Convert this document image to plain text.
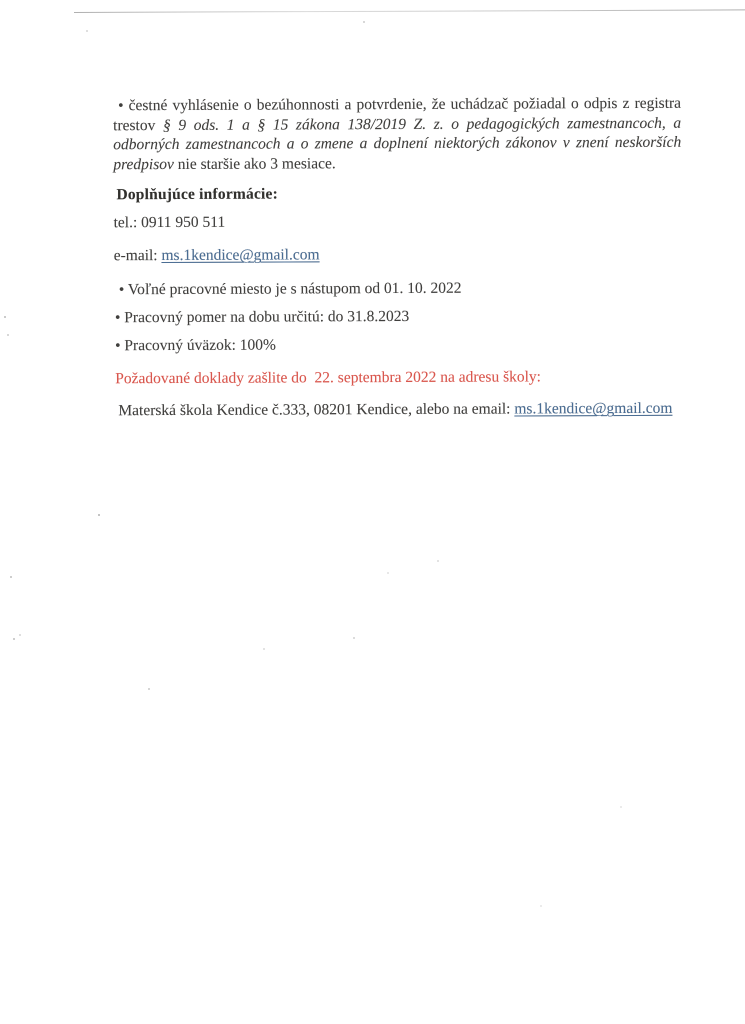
• čestné vyhlásenie o bezúhonnosti a potvrdenie, že uchádzač požiadal o odpis z registra trestov § 9 ods. 1 a § 15 zákona 138/2019 Z. z. o pedagogických zamestnancoch, a odborných zamestnancoch a o zmene a doplnení niektorých zákonov v znení neskorších predpisov nie staršie ako 3 mesiace.

Doplňujúce informácie:

tel.: 0911 950 511

e-mail: ms.1kendice@gmail.com

• Voľné pracovné miesto je s nástupom od 01. 10. 2022

• Pracovný pomer na dobu určitú: do 31.8.2023

• Pracovný úväzok: 100%

Požadované doklady zašlite do  22. septembra 2022 na adresu školy:

Materská škola Kendice č.333, 08201 Kendice, alebo na email: ms.1kendice@gmail.com
